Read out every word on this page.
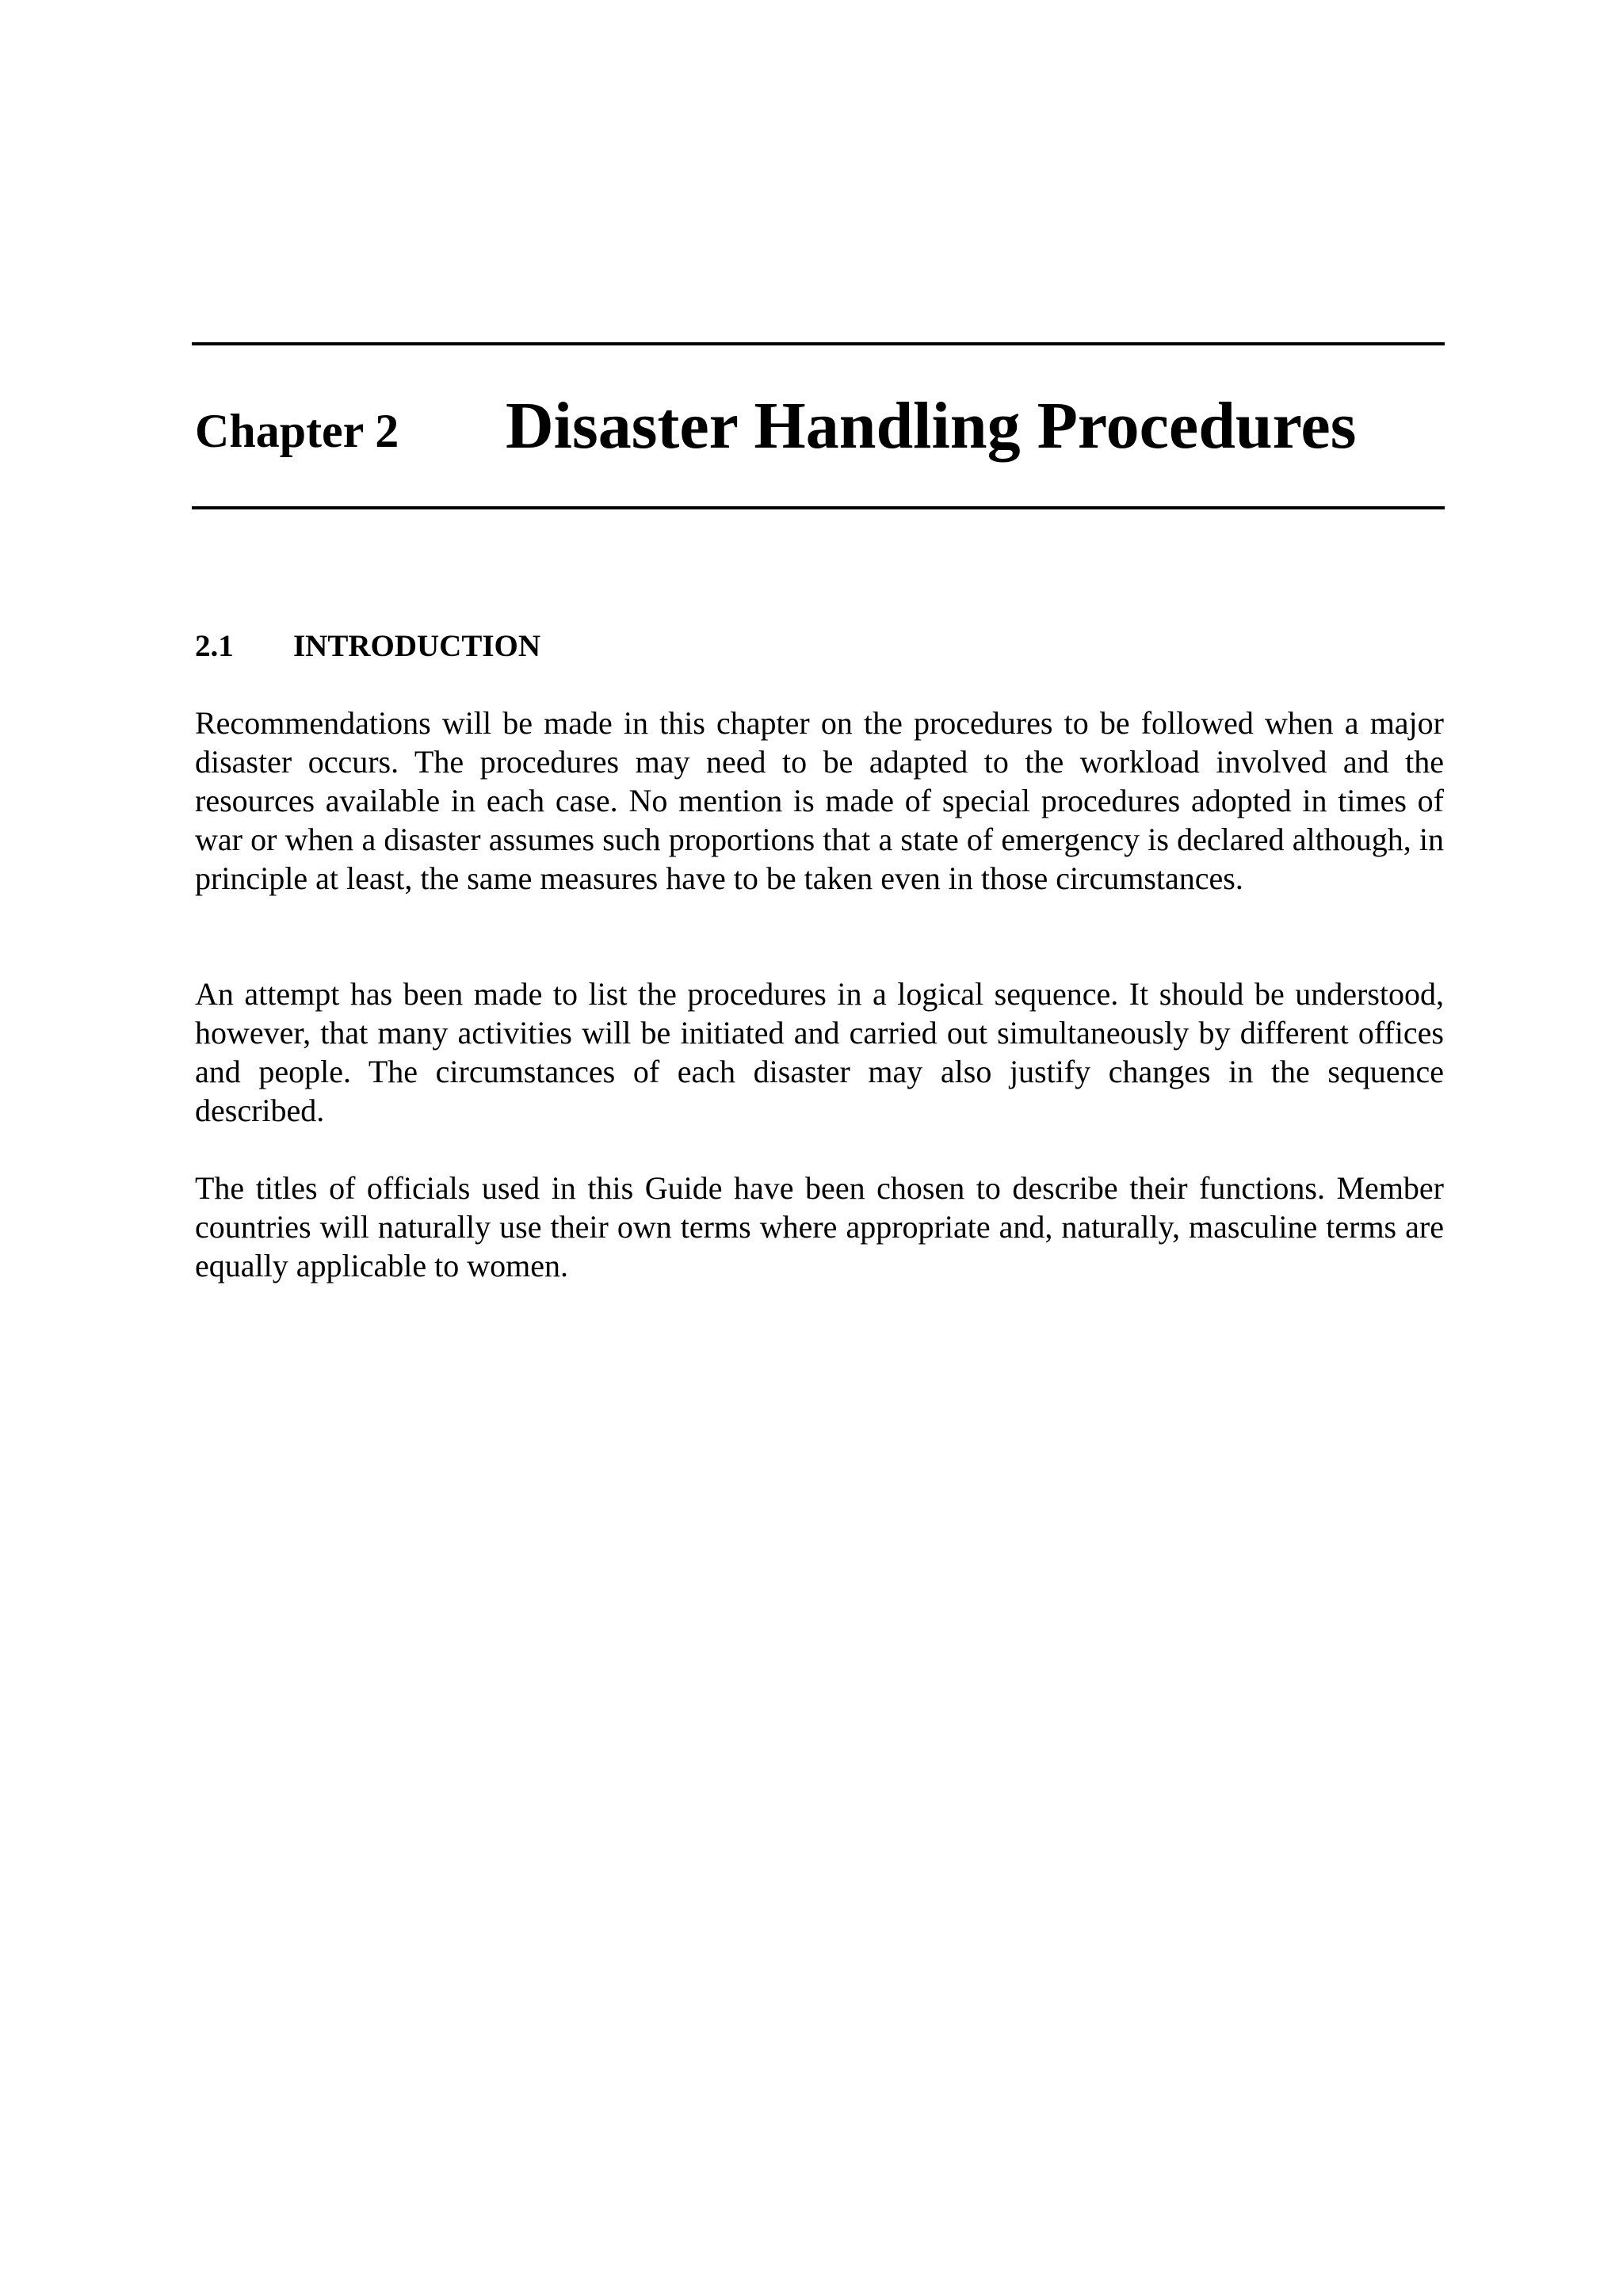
Chapter 2 Disaster Handling Procedures
2.1 INTRODUCTION

Recommendations will be made in this chapter on the procedures to be followed when a major disaster occurs. The procedures may need to be adapted to the workload involved and the resources available in each case. No mention is made of special procedures adopted in times of war or when a disaster assumes such proportions that a state of emergency is declared although, in principle at least, the same measures have to be taken even in those circumstances.

An attempt has been made to list the procedures in a logical sequence. It should be understood, however, that many activities will be initiated and carried out simultaneously by different offices and people. The circumstances of each disaster may also justify changes in the sequence described.

The titles of officials used in this Guide have been chosen to describe their functions. Member countries will naturally use their own terms where appropriate and, naturally, masculine terms are equally applicable to women.
